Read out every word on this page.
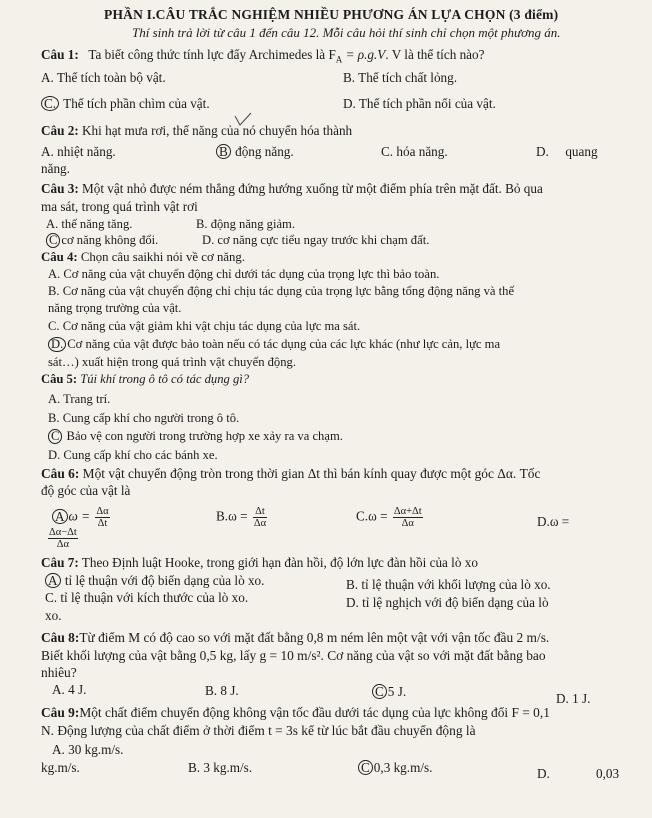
PHẦN I.CÂU TRẮC NGHIỆM NHIỀU PHƯƠNG ÁN LỰA CHỌN (3 điểm)
Thí sinh trả lời từ câu 1 đến câu 12. Mỗi câu hỏi thí sinh chỉ chọn một phương án.
Câu 1: Ta biết công thức tính lực đẩy Archimedes là $F_A = \rho.g.V$. V là thể tích nào?
A. Thể tích toàn bộ vật.	B. Thể tích chất lỏng.
C. Thể tích phần chìm của vật.	D. Thể tích phần nổi của vật.
Câu 2: Khi hạt mưa rơi, thế năng của nó chuyển hóa thành
A. nhiệt năng.	B động năng.	C. hóa năng.	D. quang
năng.
Câu 3: Một vật nhỏ được ném thẳng đứng hướng xuống từ một điểm phía trên mặt đất. Bỏ qua
ma sát, trong quá trình vật rơi
A. thế năng tăng.	B. động năng giảm.
C cơ năng không đổi.	D. cơ năng cực tiểu ngay trước khi chạm đất.
Câu 4: Chọn câu saikhi nói về cơ năng.
A. Cơ năng của vật chuyển động chỉ dưới tác dụng của trọng lực thì bảo toàn.
B. Cơ năng của vật chuyển động chỉ chịu tác dụng của trọng lực bằng tổng động năng và thế
năng trọng trường của vật.
C. Cơ năng của vật giảm khi vật chịu tác dụng của lực ma sát.
D. Cơ năng của vật được bảo toàn nếu có tác dụng của các lực khác (như lực cản, lực ma
sát…) xuất hiện trong quá trình vật chuyển động.
Câu 5: Túi khí trong ô tô có tác dụng gì?
A. Trang trí.
B. Cung cấp khí cho người trong ô tô.
C Bảo vệ con người trong trường hợp xe xảy ra va chạm.
D. Cung cấp khí cho các bánh xe.
Câu 6: Một vật chuyển động tròn trong thời gian Δt thì bán kính quay được một góc Δα. Tốc
độ góc của vật là
A $\omega = \frac{\Delta\alpha}{\Delta t}$	$B.\omega = \frac{\Delta t}{\Delta\alpha}$	$C.\omega = \frac{\Delta\alpha+\Delta t}{\Delta\alpha}$	D.ω =
$\frac{\Delta\alpha-\Delta t}{\Delta\alpha}$
Câu 7: Theo Định luật Hooke, trong giới hạn đàn hồi, độ lớn lực đàn hồi của lò xo
A tỉ lệ thuận với độ biến dạng của lò xo.	B. tỉ lệ thuận với khối lượng của lò xo.
C. tỉ lệ thuận với kích thước của lò xo.	D. tỉ lệ nghịch với độ biến dạng của lò
xo.
Câu 8:Từ điểm M có độ cao so với mặt đất bằng 0,8 m ném lên một vật với vận tốc đầu 2 m/s.
Biết khối lượng của vật bằng 0,5 kg, lấy g = 10 m/s². Cơ năng của vật so với mặt đất bằng bao
nhiêu?
A. 4 J.	B. 8 J.	C 5 J.	D. 1 J.
Câu 9:Một chất điểm chuyển động không vận tốc đầu dưới tác dụng của lực không đổi F = 0,1
N. Động lượng của chất điểm ở thời điểm t = 3s kể từ lúc bắt đầu chuyển động là
A. 30 kg.m/s.
kg.m/s.	B. 3 kg.m/s.	C 0,3 kg.m/s.	D.	0,03
